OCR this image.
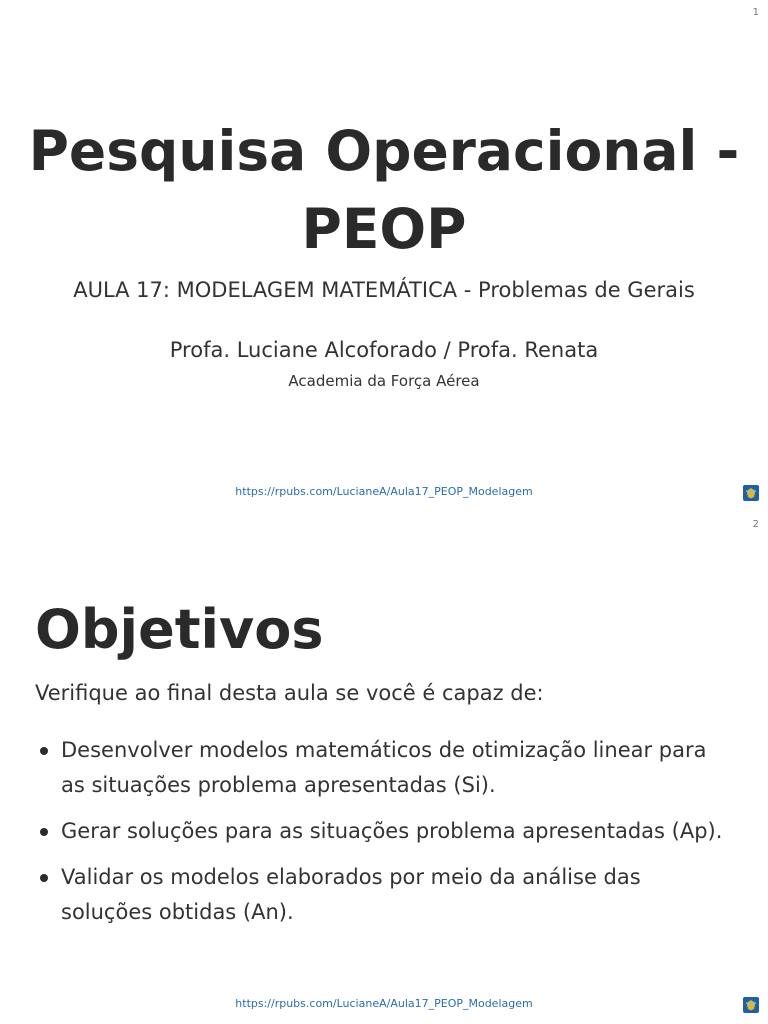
1
Pesquisa Operacional - PEOP

AULA 17: MODELAGEM MATEMÁTICA - Problemas de Gerais

Profa. Luciane Alcoforado / Profa. Renata

Academia da Força Aérea

https://rpubs.com/LucianeA/Aula17_PEOP_Modelagem
2
Objetivos

Verifique ao final desta aula se você é capaz de:

Desenvolver modelos matemáticos de otimização linear para as situações problema apresentadas (Si).
Gerar soluções para as situações problema apresentadas (Ap).
Validar os modelos elaborados por meio da análise das soluções obtidas (An).
https://rpubs.com/LucianeA/Aula17_PEOP_Modelagem
